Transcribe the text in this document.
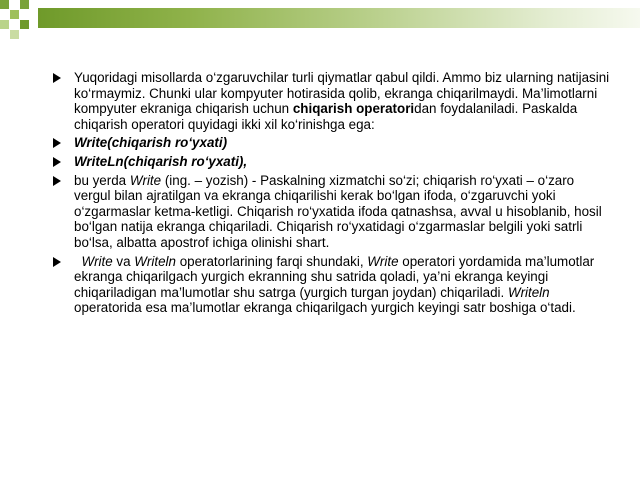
Yuqoridagi misollarda o‘zgaruvchilar turli qiymatlar qabul qildi. Ammo biz ularning natijasini ko‘rmaymiz. Chunki ular kompyuter hotirasida qolib, ekranga chiqarilmaydi. Ma’limotlarni kompyuter ekraniga chiqarish uchun chiqarish operatoridan foydalaniladi. Paskalda chiqarish operatori quyidagi ikki xil ko‘rinishga ega:
Write(chiqarish ro‘yxati)
WriteLn(chiqarish ro‘yxati),
bu yerda Write (ing. – yozish) - Paskalning xizmatchi so‘zi; chiqarish ro‘yxati – o‘zaro vergul bilan ajratilgan va ekranga chiqarilishi kerak bo‘lgan ifoda, o‘zgaruvchi yoki o‘zgarmaslar ketma-ketligi. Chiqarish ro‘yxatida ifoda qatnashsa, avval u hisoblanib, hosil bo‘lgan natija ekranga chiqariladi. Chiqarish ro‘yxatidagi o‘zgarmaslar belgili yoki satrli bo‘lsa, albatta apostrof ichiga olinishi shart.
Write va Writeln operatorlarining farqi shundaki, Write operatori yordamida ma’lumotlar ekranga chiqarilgach yurgich ekranning shu satrida qoladi, ya’ni ekranga keyingi chiqariladigan ma’lumotlar shu satrga (yurgich turgan joydan) chiqariladi. Writeln operatorida esa ma’lumotlar ekranga chiqarilgach yurgich keyingi satr boshiga o‘tadi.
